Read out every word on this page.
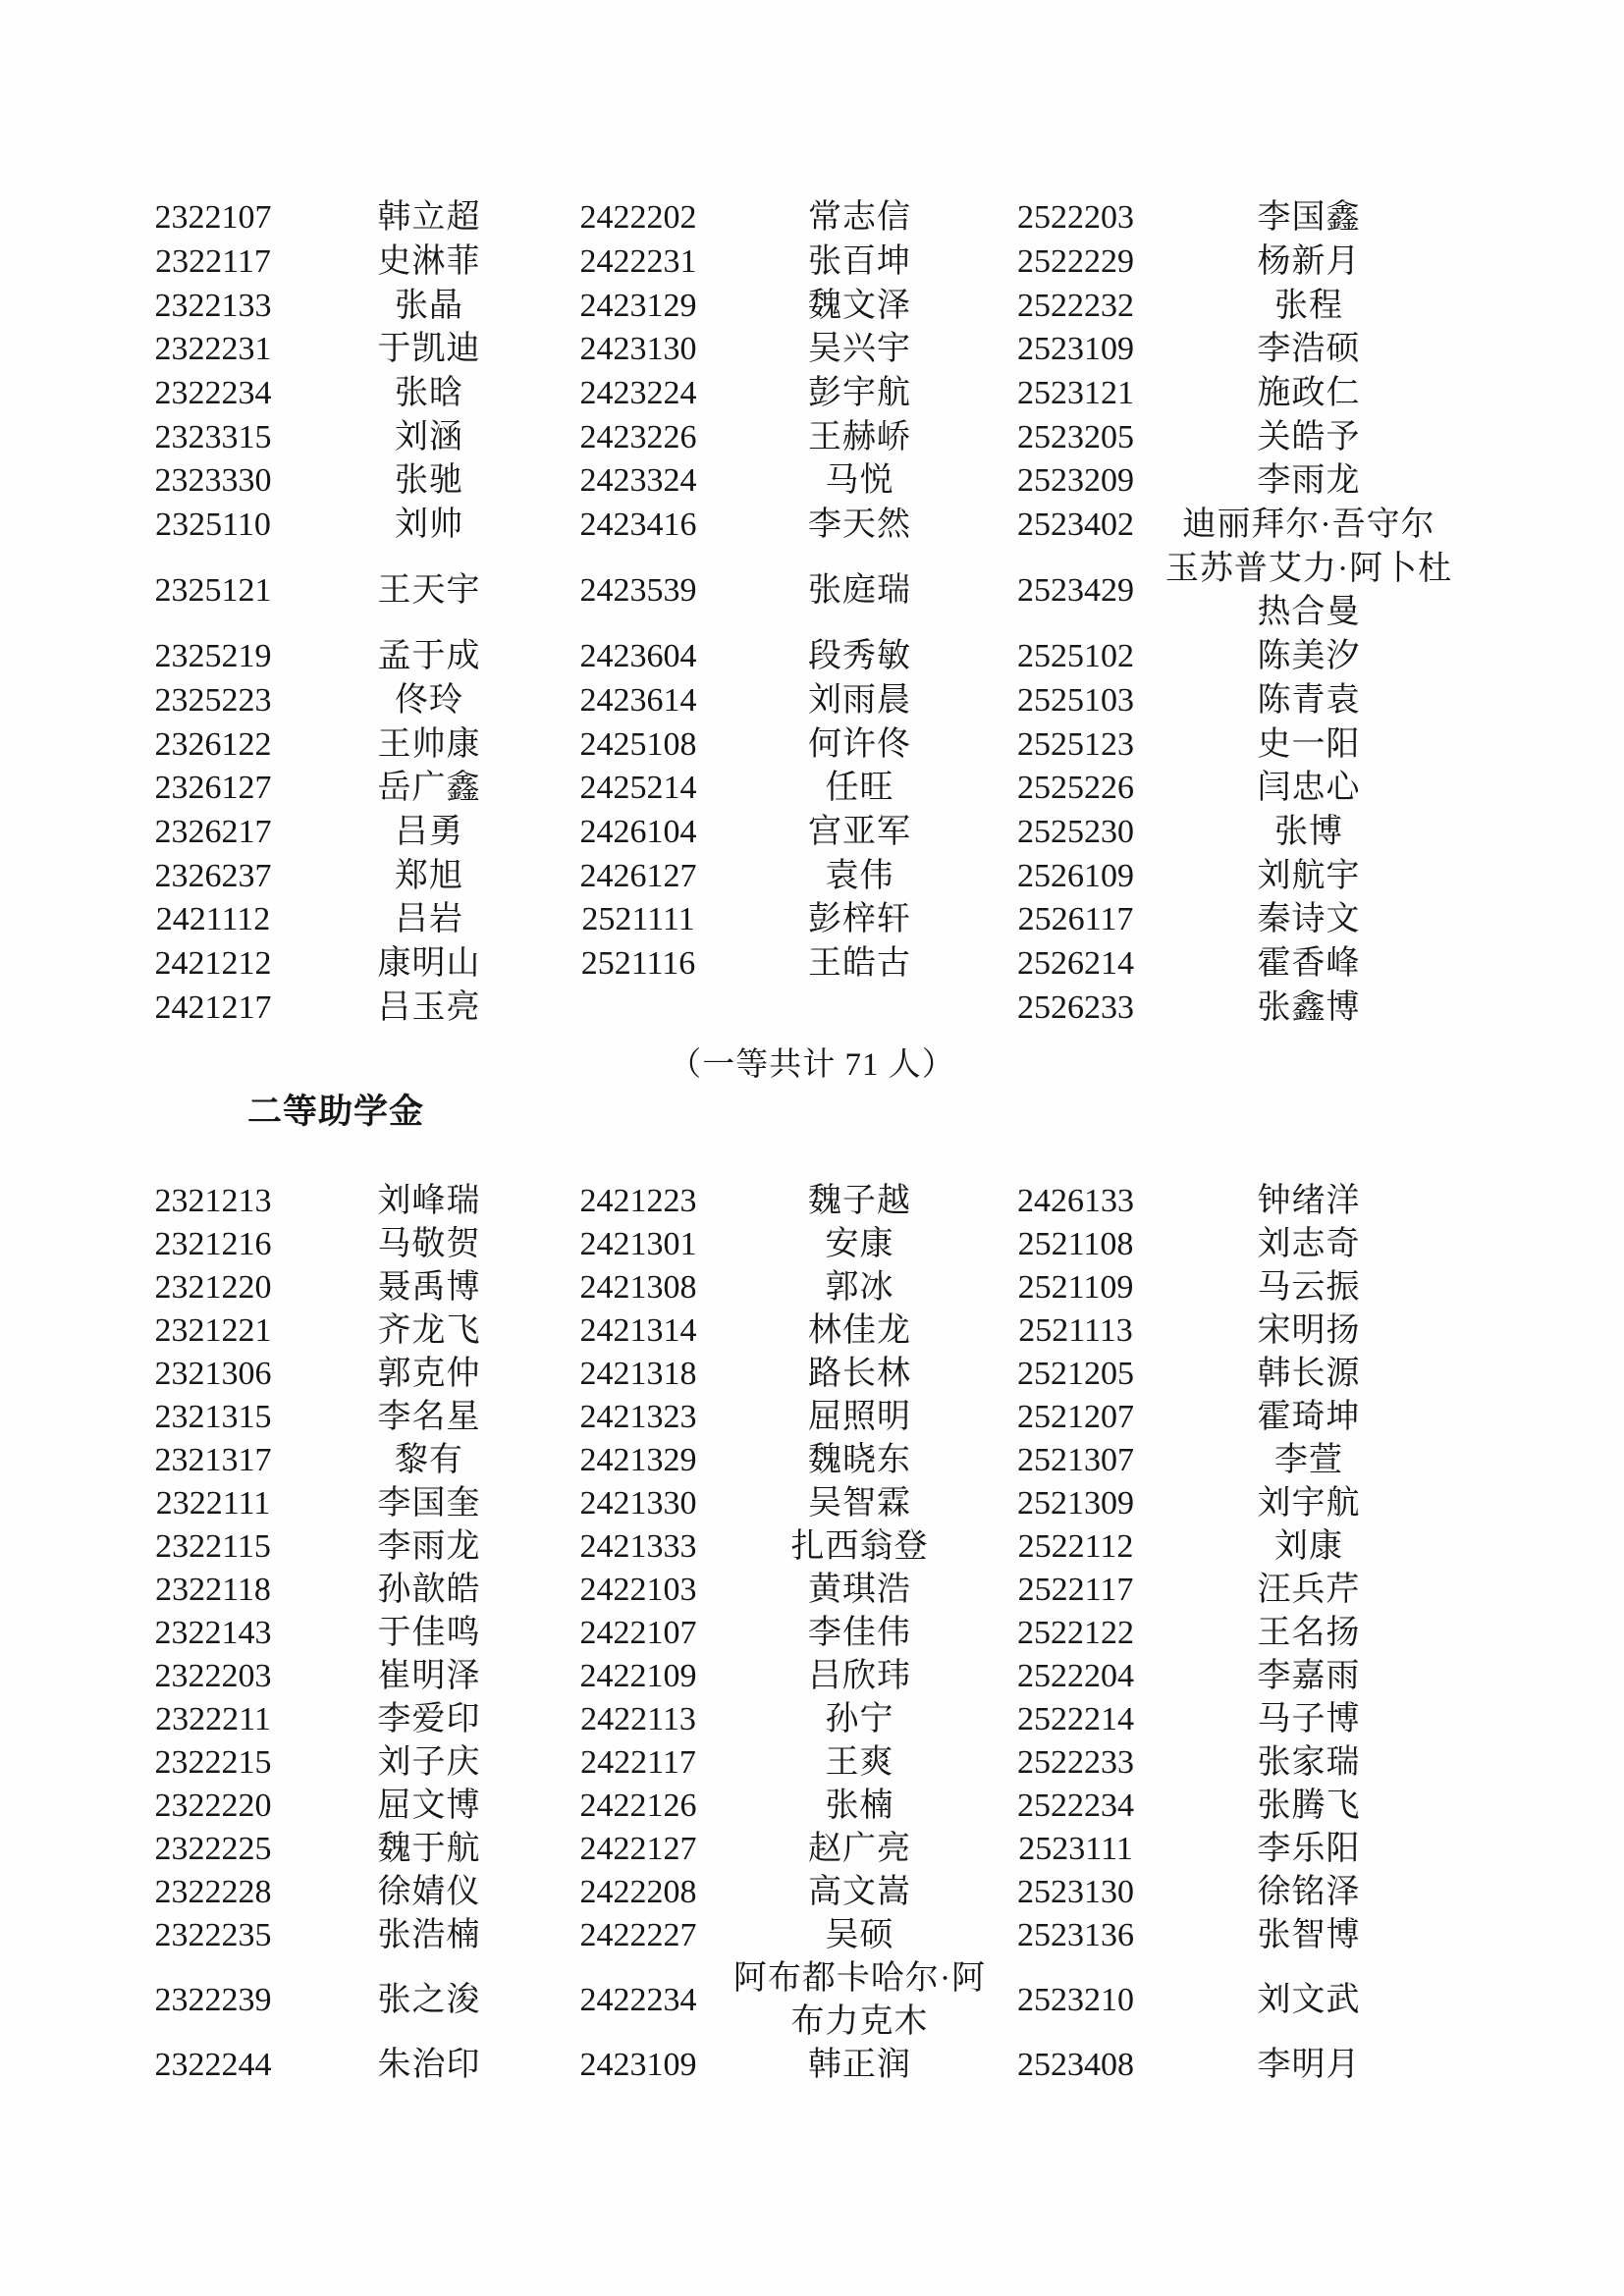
2322107	韩立超	2422202	常志信	2522203	李国鑫
2322117	史淋菲	2422231	张百坤	2522229	杨新月
2322133	张晶	2423129	魏文泽	2522232	张程
2322231	于凯迪	2423130	吴兴宇	2523109	李浩硕
2322234	张晗	2423224	彭宇航	2523121	施政仁
2323315	刘涵	2423226	王赫峤	2523205	关皓予
2323330	张驰	2423324	马悦	2523209	李雨龙
2325110	刘帅	2423416	李天然	2523402	迪丽拜尔·吾守尔
2325121	王天宇	2423539	张庭瑞	2523429	玉苏普艾力·阿卜杜热合曼
2325219	孟于成	2423604	段秀敏	2525102	陈美汐
2325223	佟玲	2423614	刘雨晨	2525103	陈青袁
2326122	王帅康	2425108	何许佟	2525123	史一阳
2326127	岳广鑫	2425214	任旺	2525226	闫忠心
2326217	吕勇	2426104	宫亚军	2525230	张博
2326237	郑旭	2426127	袁伟	2526109	刘航宇
2421112	吕岩	2521111	彭梓轩	2526117	秦诗文
2421212	康明山	2521116	王皓古	2526214	霍香峰
2421217	吕玉亮			2526233	张鑫博
（一等共计 71 人）
二等助学金
2321213	刘峰瑞	2421223	魏子越	2426133	钟绪洋
2321216	马敬贺	2421301	安康	2521108	刘志奇
2321220	聂禹博	2421308	郭冰	2521109	马云振
2321221	齐龙飞	2421314	林佳龙	2521113	宋明扬
2321306	郭克仲	2421318	路长林	2521205	韩长源
2321315	李名星	2421323	屈照明	2521207	霍琦坤
2321317	黎有	2421329	魏晓东	2521307	李萱
2322111	李国奎	2421330	吴智霖	2521309	刘宇航
2322115	李雨龙	2421333	扎西翁登	2522112	刘康
2322118	孙歆皓	2422103	黄琪浩	2522117	汪兵芹
2322143	于佳鸣	2422107	李佳伟	2522122	王名扬
2322203	崔明泽	2422109	吕欣玮	2522204	李嘉雨
2322211	李爱印	2422113	孙宁	2522214	马子博
2322215	刘子庆	2422117	王爽	2522233	张家瑞
2322220	屈文博	2422126	张楠	2522234	张腾飞
2322225	魏于航	2422127	赵广亮	2523111	李乐阳
2322228	徐婧仪	2422208	高文嵩	2523130	徐铭泽
2322235	张浩楠	2422227	吴硕	2523136	张智博
2322239	张之浚	2422234	阿布都卡哈尔·阿布力克木	2523210	刘文武
2322244	朱治印	2423109	韩正润	2523408	李明月
